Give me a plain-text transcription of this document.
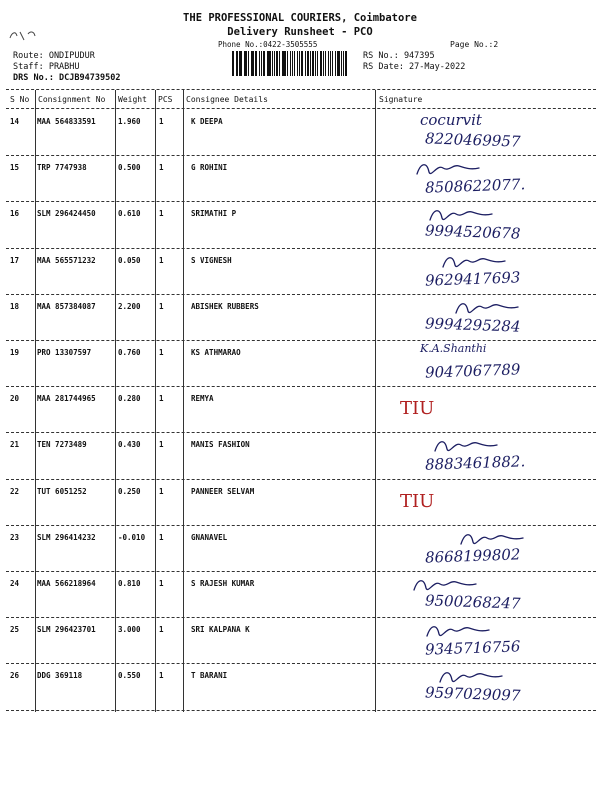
THE PROFESSIONAL COURIERS, Coimbatore
Delivery Runsheet - PCO
Phone No.:0422-3505555	Page No.:2
Route: ONDIPUDUR
Staff: PRABHU
DRS No.: DCJB94739502
RS No.: 947395
RS Date: 27-May-2022
S No Consignment No Weight PCS Consignee Details	Signature
14 MAA 564833591	1.960 1	K DEEPA	cocurvit
8220469957
15 TRP 7747938	0.500 1	G ROHINI
8508622077.
16 SLM 296424450	0.610 1	SRIMATHI P
9994520678
17 MAA 565571232	0.050 1	S VIGNESH
9629417693
18 MAA 857384087	2.200 1	ABISHEK RUBBERS
9994295284
19 PRO 13307597	0.760 1	KS ATHMARAO	K.A.Shanthi
9047067789
20 MAA 281744965	0.280 1	REMYA	TIU
21 TEN 7273489	0.430 1	MANIS FASHION
8883461882.
22 TUT 6051252	0.250 1	PANNEER SELVAM	TIU
23 SLM 296414232	-0.010 1	GNANAVEL
8668199802
24 MAA 566218964	0.810 1	S RAJESH KUMAR
9500268247
25 SLM 296423701	3.000 1	SRI KALPANA K
9345716756
26 DDG 369118	0.550 1	T BARANI
9597029097
